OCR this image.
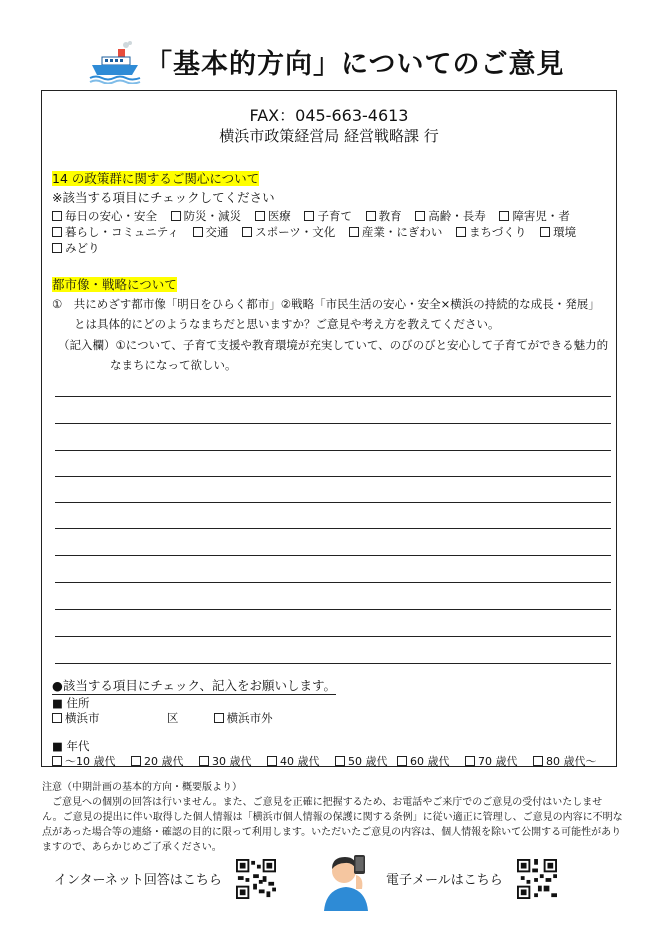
「基本的方向」についてのご意見
FAX：045-663-4613
横浜市政策経営局 経営戦略課 行
14 の政策群に関するご関心について
※該当する項目にチェックしてください
毎日の安心・安全 防災・減災 医療 子育て 教育 高齢・長寿 障害児・者
暮らし・コミュニティ 交通 スポーツ・文化 産業・にぎわい まちづくり 環境
みどり
都市像・戦略について
①　共にめざす都市像「明日をひらく都市」②戦略「市民生活の安心・安全×横浜の持続的な成長・発展」
とは具体的にどのようなまちだと思いますか？ご意見や考え方を教えてください。
（記入欄）①について、子育て支援や教育環境が充実していて、のびのびと安心して子育てができる魅力的
なまちになって欲しい。
●該当する項目にチェック、記入をお願いします。
■ 住所
横浜市	区	横浜市外
■ 年代
～10 歳代	20 歳代	30 歳代	40 歳代	50 歳代 60 歳代	70 歳代	80 歳代～
注意（中期計画の基本的方向・概要版より）
　ご意見への個別の回答は行いません。また、ご意見を正確に把握するため、お電話やご来庁でのご意見の受付はいたしませ
ん。ご意見の提出に伴い取得した個人情報は「横浜市個人情報の保護に関する条例」に従い適正に管理し、ご意見の内容に不明な
点があった場合等の連絡・確認の目的に限って利用します。いただいたご意見の内容は、個人情報を除いて公開する可能性があり
ますので、あらかじめご了承ください。
インターネット回答はこちら	電子メールはこちら
